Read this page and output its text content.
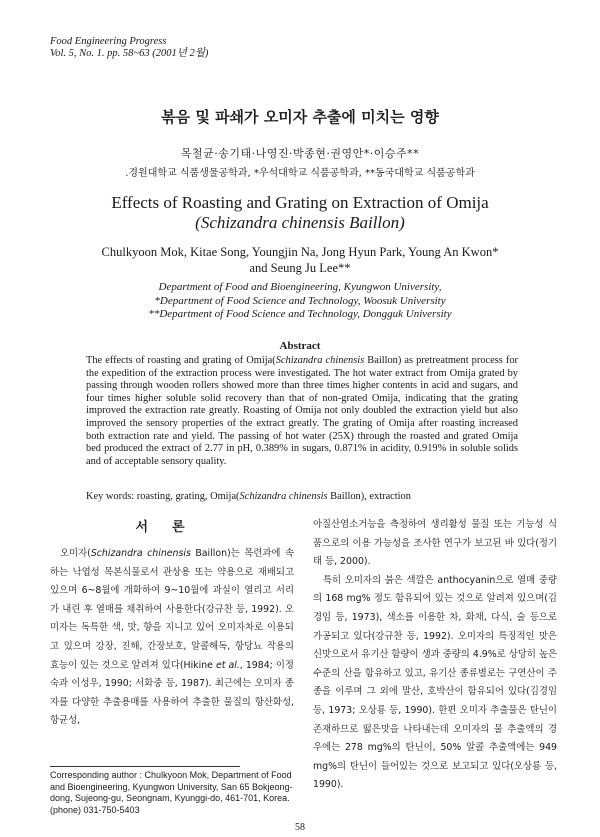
Food Engineering Progress
Vol. 5, No. 1. pp. 58~63 (2001년 2월)
볶음 및 파쇄가 오미자 추출에 미치는 영향
목철균·송기태·나영진·박종현·권영안*·이승주**
.경원대학교 식품생물공학과, *우석대학교 식품공학과, **동국대학교 식품공학과
Effects of Roasting and Grating on Extraction of Omija
(Schizandra chinensis Baillon)
Chulkyoon Mok, Kitae Song, Youngjin Na, Jong Hyun Park, Young An Kwon*
and Seung Ju Lee**
Department of Food and Bioengineering, Kyungwon University,
*Department of Food Science and Technology, Woosuk University
**Department of Food Science and Technology, Dongguk University
Abstract

The effects of roasting and grating of Omija(Schizandra chinensis Baillon) as pretreatment process for the expedition of the extraction process were investigated. The hot water extract from Omija grated by passing through wooden rollers showed more than three times higher contents in acid and sugars, and four times higher soluble solid recovery than that of non-grated Omija, indicating that the grating improved the extraction rate greatly. Roasting of Omija not only doubled the extraction yield but also improved the sensory properties of the extract greatly. The grating of Omija after roasting increased both extraction rate and yield. The passing of hot water (25X) through the roasted and grated Omija bed produced the extract of 2.77 in pH, 0.389% in sugars, 0.871% in acidity, 0.919% in soluble solids and of acceptable sensory quality.

Key words: roasting, grating, Omija(Schizandra chinensis Baillon), extraction

서론

오미자(Schizandra chinensis Baillon)는 목련과에 속하는 낙엽성 목본식물로서 관상용 또는 약용으로 재배되고 있으며 6~8월에 개화하여 9~10월에 과실이 열리고 서리가 내린 후 열매를 채취하여 사용한다(강규찬 등, 1992). 오미자는 독특한 색, 맛, 향을 지니고 있어 오미자차로 이용되고 있으며 강장, 진해, 간장보호, 알콜해독, 항당뇨 작용의 효능이 있는 것으로 알려져 있다(Hikine et al., 1984; 이정숙과 이성우, 1990; 서화중 등, 1987). 최근에는 오미자 종자를 다양한 추출용매를 사용하여 추출한 물질의 항산화성, 항균성,

아질산염소거능을 측정하여 생리활성 물질 또는 기능성 식품으로의 이용 가능성을 조사한 연구가 보고된 바 있다(정기태 등, 2000).

특히 오미자의 붉은 색깔은 anthocyanin으로 열매 중량의 168 mg% 정도 함유되어 있는 것으로 알려져 있으며(김경임 등, 1973), 색소를 이용한 차, 화채, 다식, 술 등으로 가공되고 있다(강규찬 등, 1992). 오미자의 특징적인 맛은 신맛으로서 유기산 함량이 생과 중량의 4.9%로 상당히 높은 수준의 산을 함유하고 있고, 유기산 종류별로는 구연산이 주종을 이루며 그 외에 말산, 호박산이 함유되어 있다(김경임 등, 1973; 오상룡 등, 1990). 한편 오미자 추출물은 탄닌이 존재하므로 떫은맛을 나타내는데 오미자의 물 추출액의 경우에는 278 mg%의 탄닌이, 50% 알콜 추출액에는 949 mg%의 탄닌이 들어있는 것으로 보고되고 있다(오상룡 등, 1990).

Corresponding author : Chulkyoon Mok, Department of Food and Bioengineering, Kyungwon University, San 65 Bokjeong-dong, Sujeong-gu, Seongnam, Kyunggi-do, 461-701, Korea. (phone) 031-750-5403

58
